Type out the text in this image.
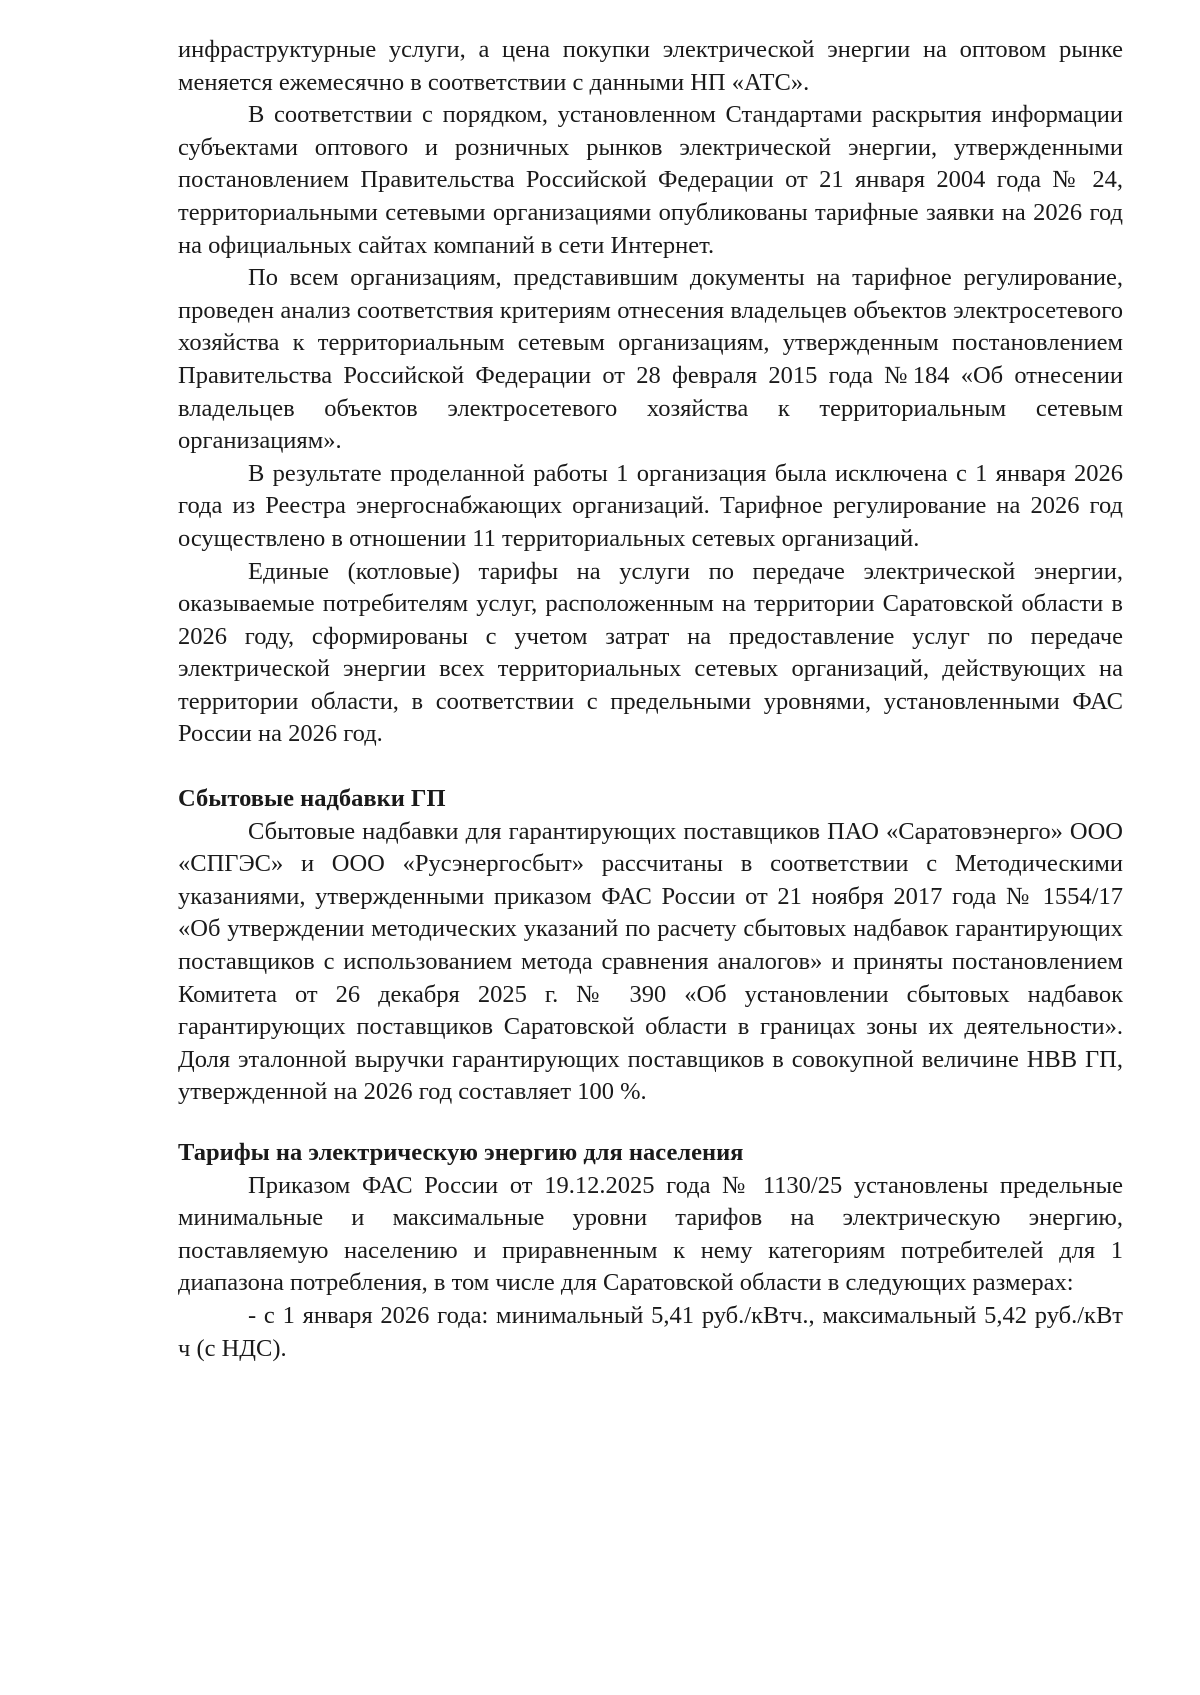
инфраструктурные услуги, а цена покупки электрической энергии на оптовом рынке меняется ежемесячно в соответствии с данными НП «АТС».

В соответствии с порядком, установленном Стандартами раскрытия информации субъектами оптового и розничных рынков электрической энергии, утвержденными постановлением Правительства Российской Федерации от 21 января 2004 года № 24, территориальными сетевыми организациями опубликованы тарифные заявки на 2026 год на официальных сайтах компаний в сети Интернет.

По всем организациям, представившим документы на тарифное регулирование, проведен анализ соответствия критериям отнесения владельцев объектов электросетевого хозяйства к территориальным сетевым организациям, утвержденным постановлением Правительства Российской Федерации от 28 февраля 2015 года №184 «Об отнесении владельцев объектов электросетевого хозяйства к территориальным сетевым организациям».

В результате проделанной работы 1 организация была исключена с 1 января 2026 года из Реестра энергоснабжающих организаций. Тарифное регулирование на 2026 год осуществлено в отношении 11 территориальных сетевых организаций.

Единые (котловые) тарифы на услуги по передаче электрической энергии, оказываемые потребителям услуг, расположенным на территории Саратовской области в 2026 году, сформированы с учетом затрат на предоставление услуг по передаче электрической энергии всех территориальных сетевых организаций, действующих на территории области, в соответствии с предельными уровнями, установленными ФАС России на 2026 год.

Сбытовые надбавки ГП

Сбытовые надбавки для гарантирующих поставщиков ПАО «Саратовэнерго» ООО «СПГЭС» и ООО «Русэнергосбыт» рассчитаны в соответствии с Методическими указаниями, утвержденными приказом ФАС России от 21 ноября 2017 года № 1554/17 «Об утверждении методических указаний по расчету сбытовых надбавок гарантирующих поставщиков с использованием метода сравнения аналогов» и приняты постановлением Комитета от 26 декабря 2025 г. № 390 «Об установлении сбытовых надбавок гарантирующих поставщиков Саратовской области в границах зоны их деятельности». Доля эталонной выручки гарантирующих поставщиков в совокупной величине НВВ ГП, утвержденной на 2026 год составляет 100 %.

Тарифы на электрическую энергию для населения

Приказом ФАС России от 19.12.2025 года № 1130/25 установлены предельные минимальные и максимальные уровни тарифов на электрическую энергию, поставляемую населению и приравненным к нему категориям потребителей для 1 диапазона потребления, в том числе для Саратовской области в следующих размерах:

- с 1 января 2026 года: минимальный 5,41 руб./кВтч., максимальный 5,42 руб./кВт ч (с НДС).
